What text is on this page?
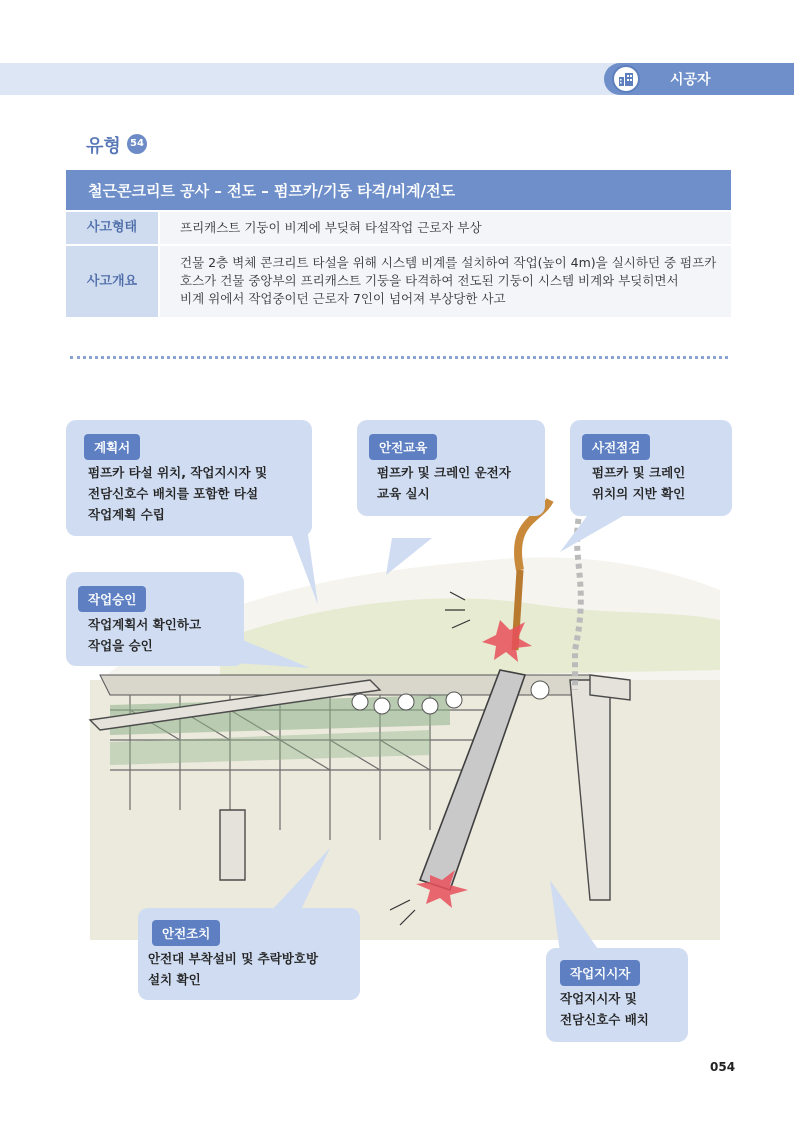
시공자
유형 54
철근콘크리트 공사 – 전도 – 펌프카/기둥 타격/비계/전도
사고형태	프리캐스트 기둥이 비계에 부딪혀 타설작업 근로자 부상

사고개요

건물 2층 벽체 콘크리트 타설을 위해 시스템 비계를 설치하여 작업(높이 4m)을 실시하던 중 펌프카

호스가 건물 중앙부의 프리캐스트 기둥을 타격하여 전도된 기둥이 시스템 비계와 부딪히면서

비계 위에서 작업중이던 근로자 7인이 넘어져 부상당한 사고

계획서
펌프카 타설 위치, 작업지시자 및
전담신호수 배치를 포함한 타설
작업계획 수립
안전교육
펌프카 및 크레인 운전자
교육 실시
사전점검
펌프카 및 크레인
위치의 지반 확인
작업승인
작업계획서 확인하고
작업을 승인
안전조치
안전대 부착설비 및 추락방호방
설치 확인	작업지시자
작업지시자 및
전담신호수 배치
054
